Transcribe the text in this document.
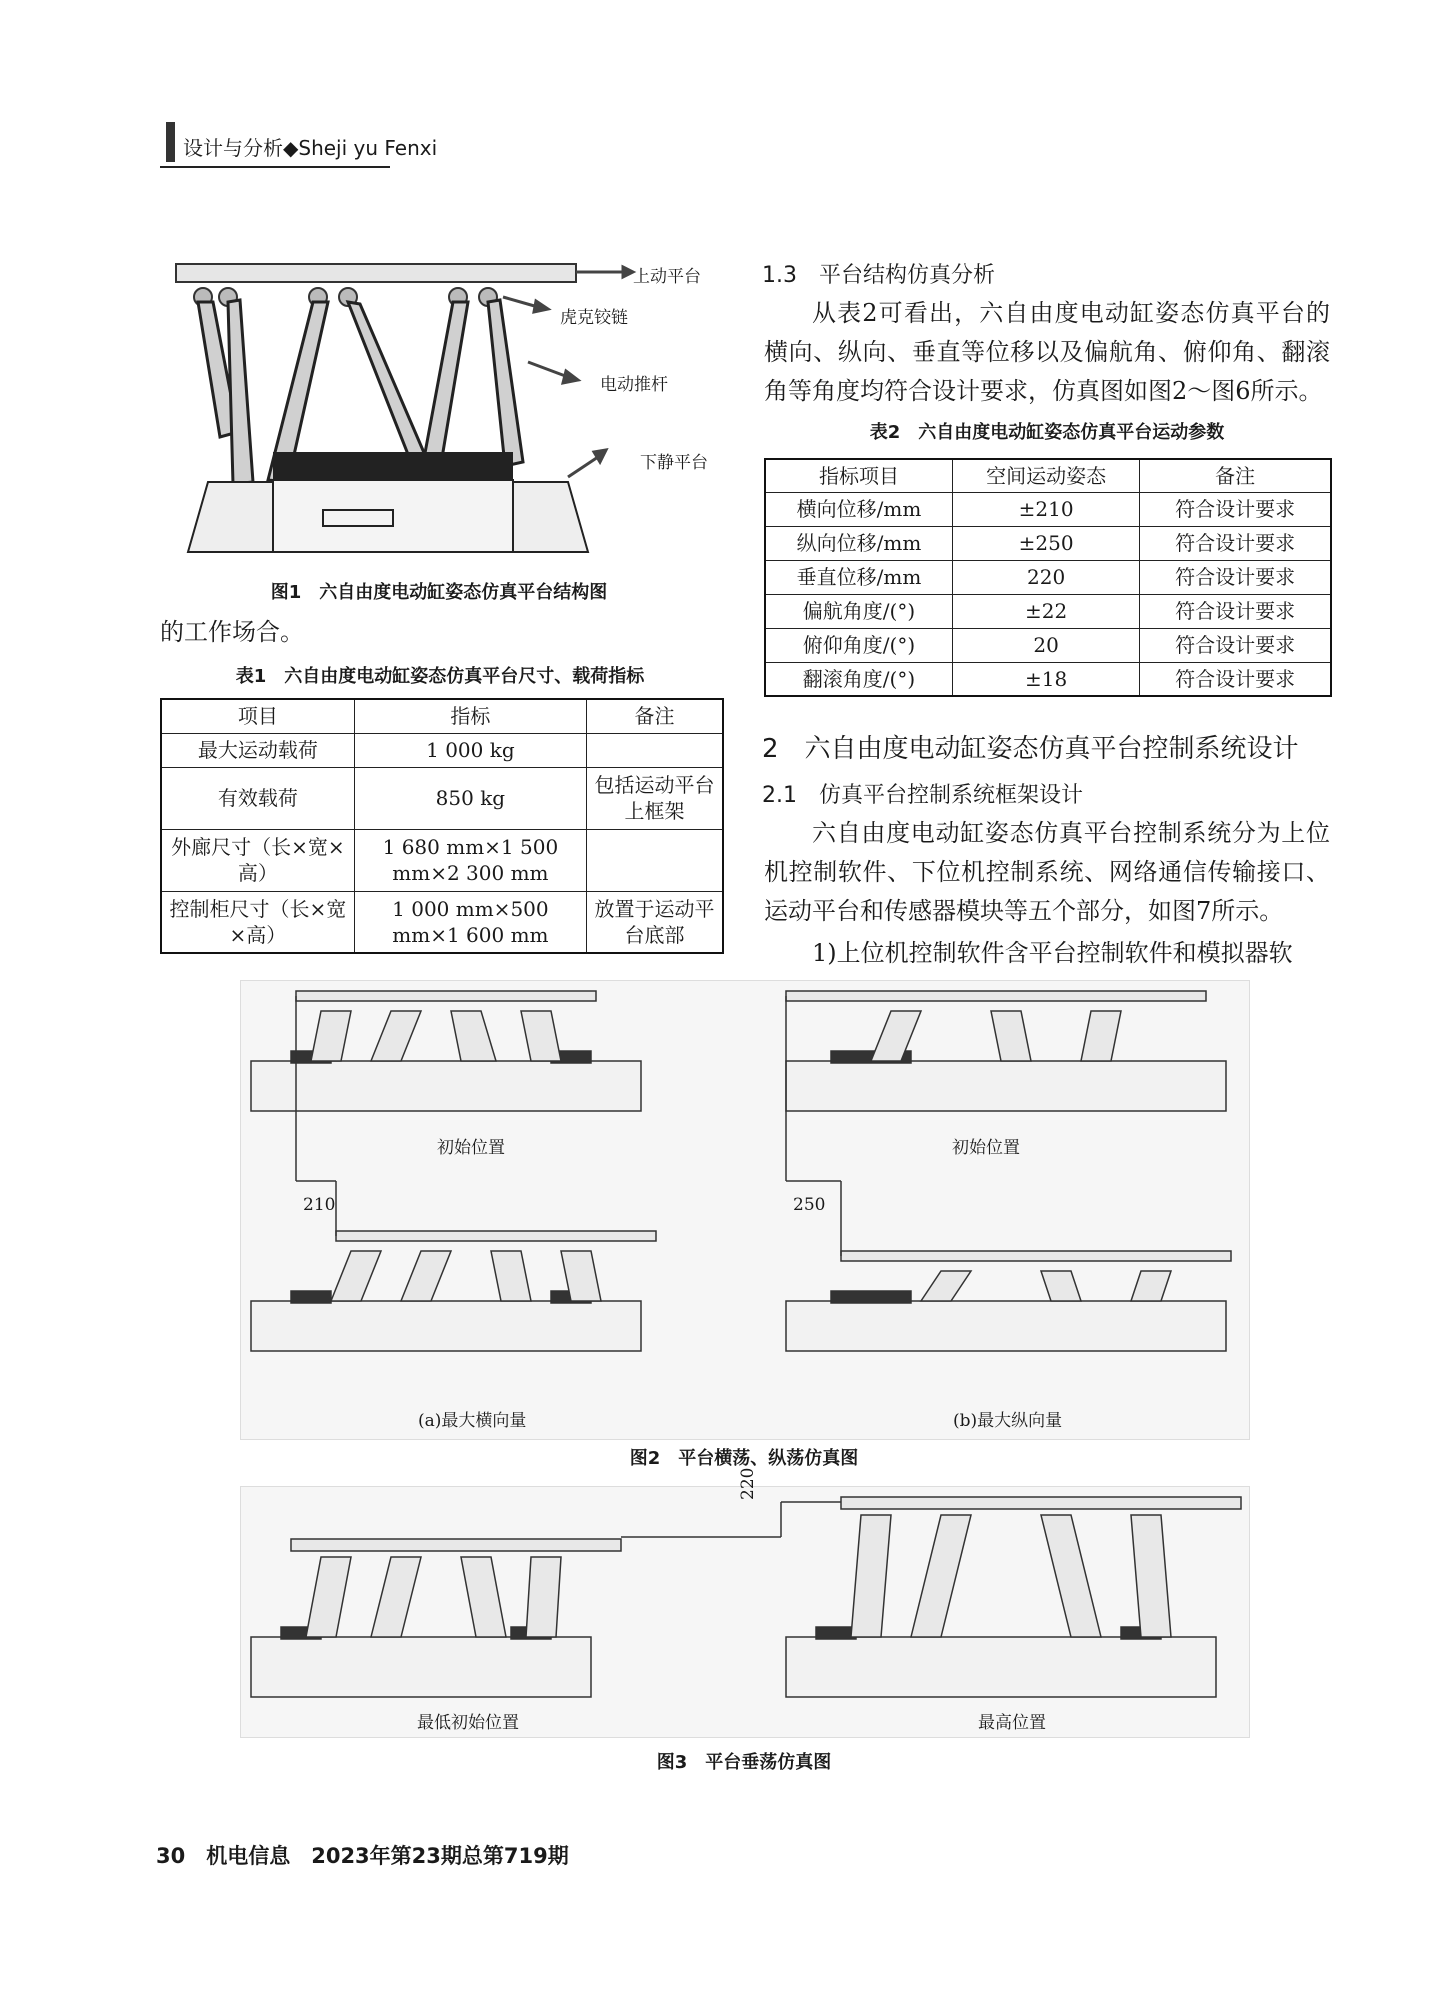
设计与分析◆Sheji yu Fenxi
上动平台
虎克铰链
电动推杆
下静平台
图1　六自由度电动缸姿态仿真平台结构图
的工作场合。
表1　六自由度电动缸姿态仿真平台尺寸、载荷指标
项目	指标	备注
最大运动载荷	1 000 kg	
有效载荷	850 kg	包括运动平台上框架
外廊尺寸（长×宽×高）	1 680 mm×1 500 mm×2 300 mm	
控制柜尺寸（长×宽×高）	1 000 mm×500 mm×1 600 mm	放置于运动平台底部
1.3　平台结构仿真分析
从表2可看出，六自由度电动缸姿态仿真平台的横向、纵向、垂直等位移以及偏航角、俯仰角、翻滚角等角度均符合设计要求，仿真图如图2～图6所示。
表2　六自由度电动缸姿态仿真平台运动参数
指标项目	空间运动姿态	备注
横向位移/mm	±210	符合设计要求
纵向位移/mm	±250	符合设计要求
垂直位移/mm	220	符合设计要求
偏航角度/(°)	±22	符合设计要求
俯仰角度/(°)	20	符合设计要求
翻滚角度/(°)	±18	符合设计要求
2　六自由度电动缸姿态仿真平台控制系统设计
2.1　仿真平台控制系统框架设计
六自由度电动缸姿态仿真平台控制系统分为上位机控制软件、下位机控制系统、网络通信传输接口、运动平台和传感器模块等五个部分，如图7所示。
1)上位机控制软件含平台控制软件和模拟器软
初始位置	初始位置
210	250
(a)最大横向量	(b)最大纵向量
图2　平台横荡、纵荡仿真图
220
最低初始位置	最高位置
图3　平台垂荡仿真图
30　机电信息　2023年第23期总第719期
